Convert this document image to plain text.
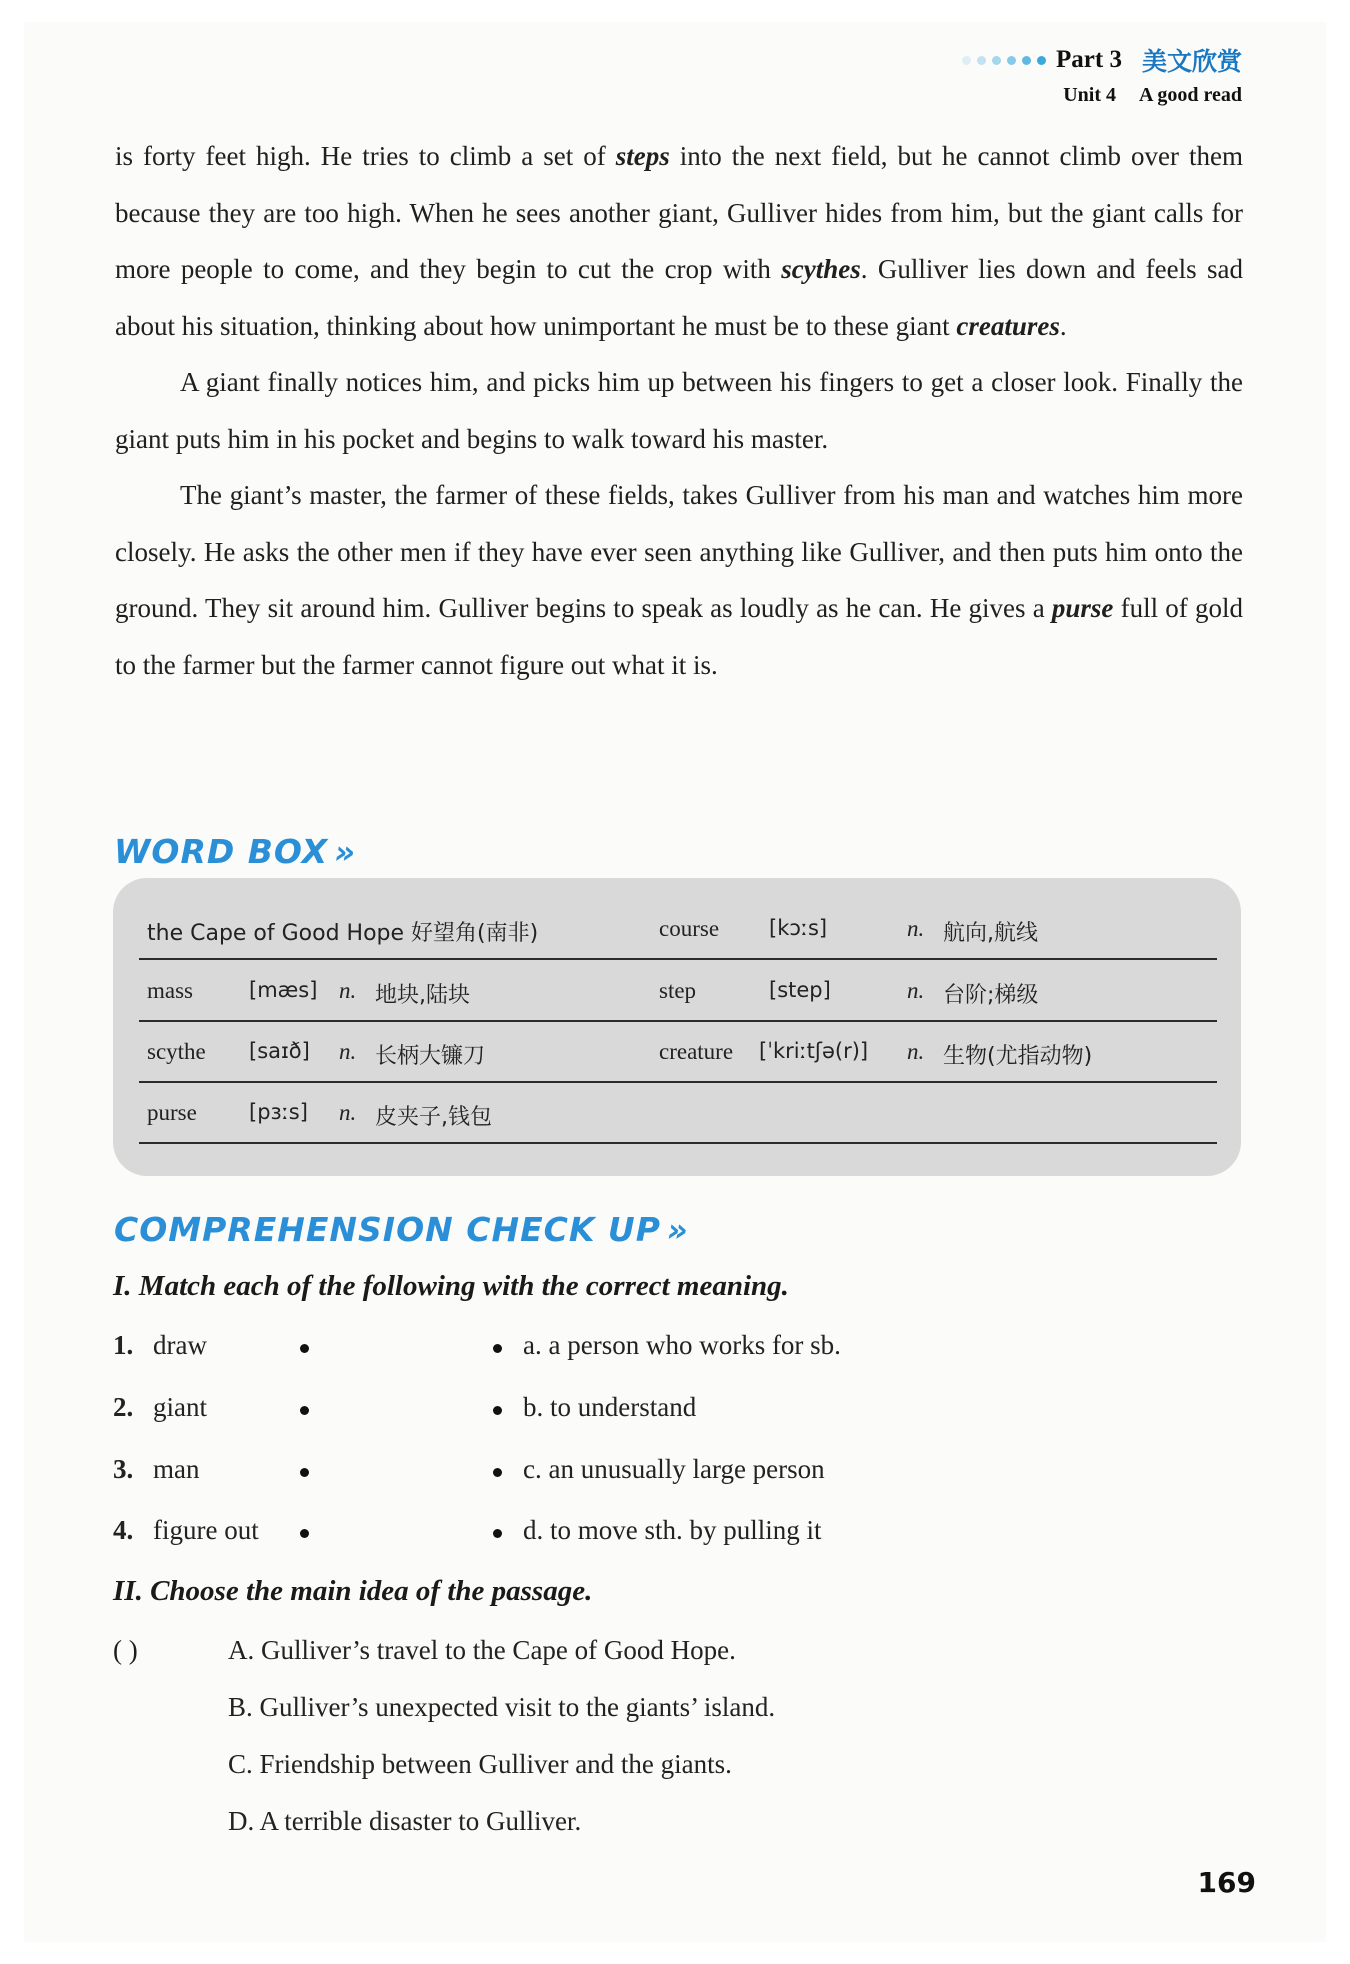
Part 3 美文欣赏
Unit 4 A good read

is forty feet high. He tries to climb a set of steps into the next field, but he cannot climb over them because they are too high. When he sees another giant, Gulliver hides from him, but the giant calls for more people to come, and they begin to cut the crop with scythes. Gulliver lies down and feels sad about his situation, thinking about how unimportant he must be to these giant creatures.

A giant finally notices him, and picks him up between his fingers to get a closer look. Finally the giant puts him in his pocket and begins to walk toward his master.

The giant’s master, the farmer of these fields, takes Gulliver from his man and watches him more closely. He asks the other men if they have ever seen anything like Gulliver, and then puts him onto the ground. They sit around him. Gulliver begins to speak as loudly as he can. He gives a purse full of gold to the farmer but the farmer cannot figure out what it is.

WORD BOX »
the Cape of Good Hope 好望角(南非)	course [kɔːs]	n. 航向,航线
mass	[mæs] n. 地块,陆块	step	[step]	n. 台阶;梯级
scythe [saɪð] n. 长柄大镰刀	creature [ˈkriːtʃə(r)] n. 生物(尤指动物)
purse [pɜːs] n. 皮夹子,钱包
COMPREHENSION CHECK UP »
I. Match each of the following with the correct meaning.
1. draw	a. a person who works for sb.
2. giant	b. to understand
3. man	c. an unusually large person
4. figure out	d. to move sth. by pulling it
II. Choose the main idea of the passage.
( )	A. Gulliver’s travel to the Cape of Good Hope.
B. Gulliver’s unexpected visit to the giants’ island.
C. Friendship between Gulliver and the giants.
D. A terrible disaster to Gulliver.
169
